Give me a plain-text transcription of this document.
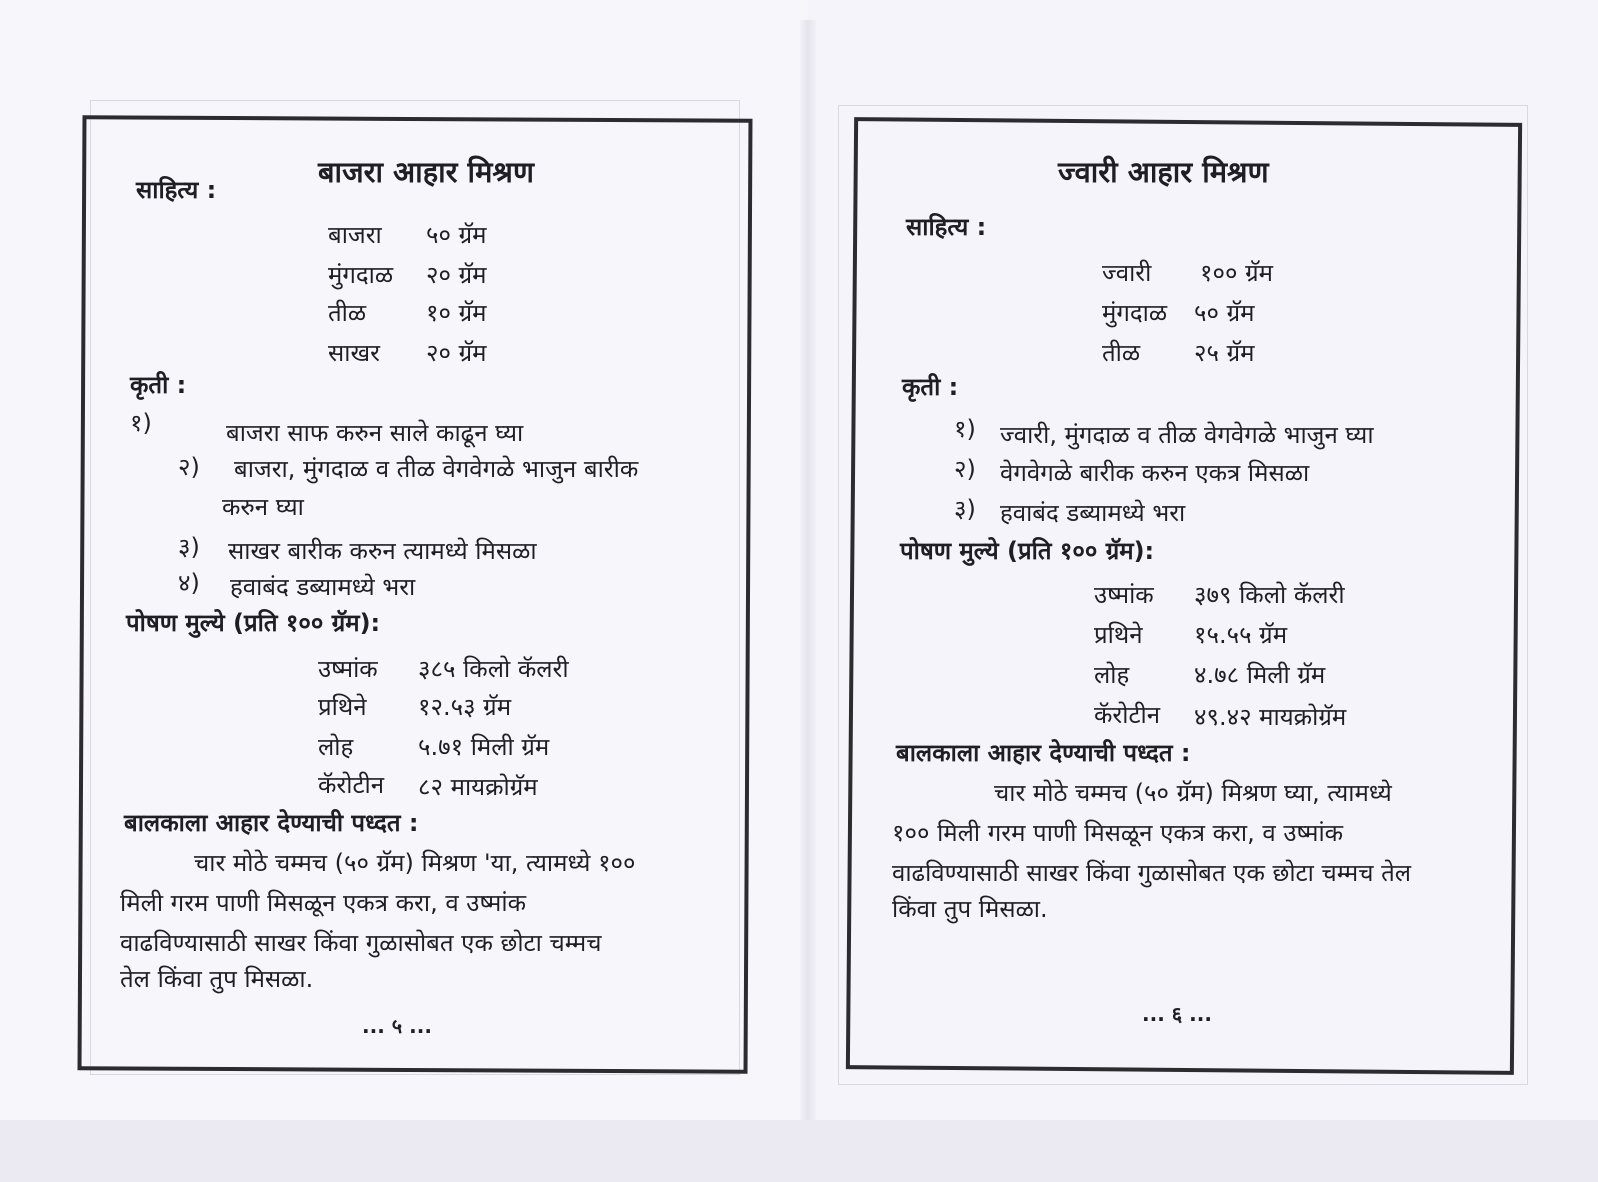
बाजरा आहार मिश्रण
साहित्य :
बाजरा ५० ग्रॅम
मुंगदाळ २० ग्रॅम
तीळ १० ग्रॅम
साखर २० ग्रॅम
कृती :
१)	बाजरा साफ करुन साले काढून घ्या
२) बाजरा, मुंगदाळ व तीळ वेगवेगळे भाजुन बारीक
करुन घ्या
३) साखर बारीक करुन त्यामध्ये मिसळा
४) हवाबंद डब्यामध्ये भरा
पोषण मुल्ये (प्रति १०० ग्रॅम):
उष्मांक ३८५ किलो कॅलरी
प्रथिने १२.५३ ग्रॅम
लोह	५.७१ मिली ग्रॅम
कॅरोटीन ८२ मायक्रोग्रॅम
बालकाला आहार देण्याची पध्दत :
चार मोठे चम्मच (५० ग्रॅम) मिश्रण 'या, त्यामध्ये १००
मिली गरम पाणी मिसळून एकत्र करा, व उष्मांक
वाढविण्यासाठी साखर किंवा गुळासोबत एक छोटा चम्मच
तेल किंवा तुप मिसळा.
... ५ ...
ज्वारी आहार मिश्रण
साहित्य :
ज्वारी १०० ग्रॅम
मुंगदाळ ५० ग्रॅम
तीळ २५ ग्रॅम
कृती :
१) ज्वारी, मुंगदाळ व तीळ वेगवेगळे भाजुन घ्या
२) वेगवेगळे बारीक करुन एकत्र मिसळा
३) हवाबंद डब्यामध्ये भरा
पोषण मुल्ये (प्रति १०० ग्रॅम):
उष्मांक ३७९ किलो कॅलरी
प्रथिने १५.५५ ग्रॅम
लोह	४.७८ मिली ग्रॅम
कॅरोटीन ४९.४२ मायक्रोग्रॅम
बालकाला आहार देण्याची पध्दत :
चार मोठे चम्मच (५० ग्रॅम) मिश्रण घ्या, त्यामध्ये
१०० मिली गरम पाणी मिसळून एकत्र करा, व उष्मांक
वाढविण्यासाठी साखर किंवा गुळासोबत एक छोटा चम्मच तेल
किंवा तुप मिसळा.
... ६ ...
